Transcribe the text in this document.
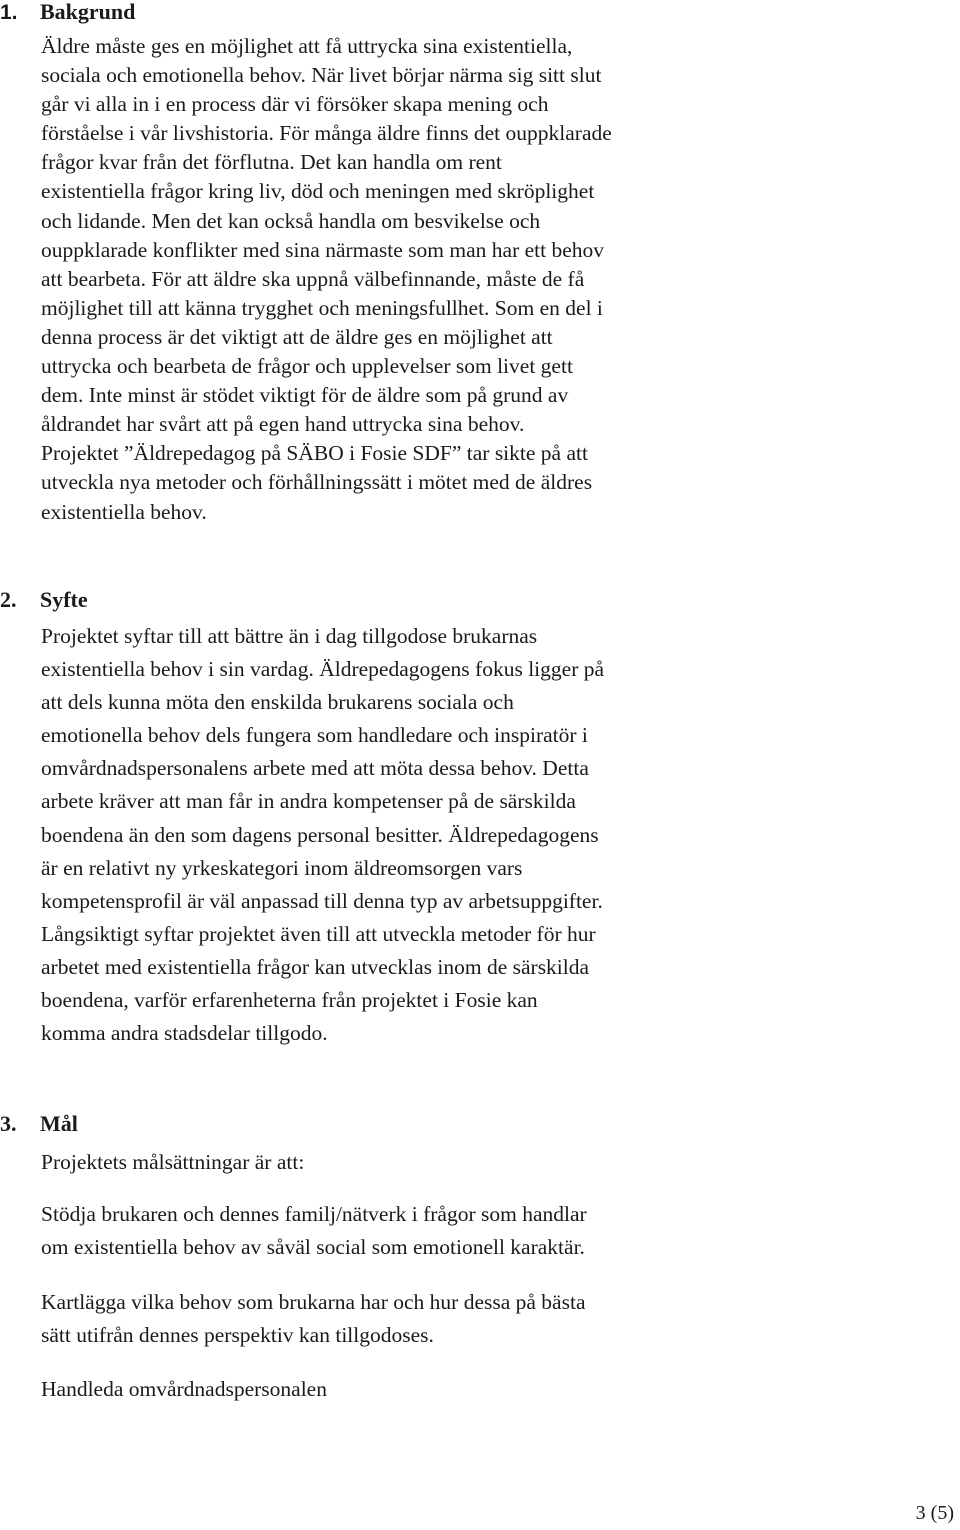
1. Bakgrund
Äldre måste ges en möjlighet att få uttrycka sina existentiella,
sociala och emotionella behov. När livet börjar närma sig sitt slut
går vi alla in i en process där vi försöker skapa mening och
förståelse i vår livshistoria. För många äldre finns det ouppklarade
frågor kvar från det förflutna. Det kan handla om rent
existentiella frågor kring liv, död och meningen med skröplighet
och lidande. Men det kan också handla om besvikelse och
ouppklarade konflikter med sina närmaste som man har ett behov
att bearbeta. För att äldre ska uppnå välbefinnande, måste de få
möjlighet till att känna trygghet och meningsfullhet. Som en del i
denna process är det viktigt att de äldre ges en möjlighet att
uttrycka och bearbeta de frågor och upplevelser som livet gett
dem. Inte minst är stödet viktigt för de äldre som på grund av
åldrandet har svårt att på egen hand uttrycka sina behov.
Projektet ”Äldrepedagog på SÄBO i Fosie SDF” tar sikte på att
utveckla nya metoder och förhållningssätt i mötet med de äldres
existentiella behov.
2. Syfte
Projektet syftar till att bättre än i dag tillgodose brukarnas
existentiella behov i sin vardag. Äldrepedagogens fokus ligger på
att dels kunna möta den enskilda brukarens sociala och
emotionella behov dels fungera som handledare och inspiratör i
omvårdnadspersonalens arbete med att möta dessa behov. Detta
arbete kräver att man får in andra kompetenser på de särskilda
boendena än den som dagens personal besitter. Äldrepedagogens
är en relativt ny yrkeskategori inom äldreomsorgen vars
kompetensprofil är väl anpassad till denna typ av arbetsuppgifter.
Långsiktigt syftar projektet även till att utveckla metoder för hur
arbetet med existentiella frågor kan utvecklas inom de särskilda
boendena, varför erfarenheterna från projektet i Fosie kan
komma andra stadsdelar tillgodo.
3. Mål
Projektets målsättningar är att:
Stödja brukaren och dennes familj/nätverk i frågor som handlar
om existentiella behov av såväl social som emotionell karaktär.
Kartlägga vilka behov som brukarna har och hur dessa på bästa
sätt utifrån dennes perspektiv kan tillgodoses.
Handleda omvårdnadspersonalen
3 (5)
